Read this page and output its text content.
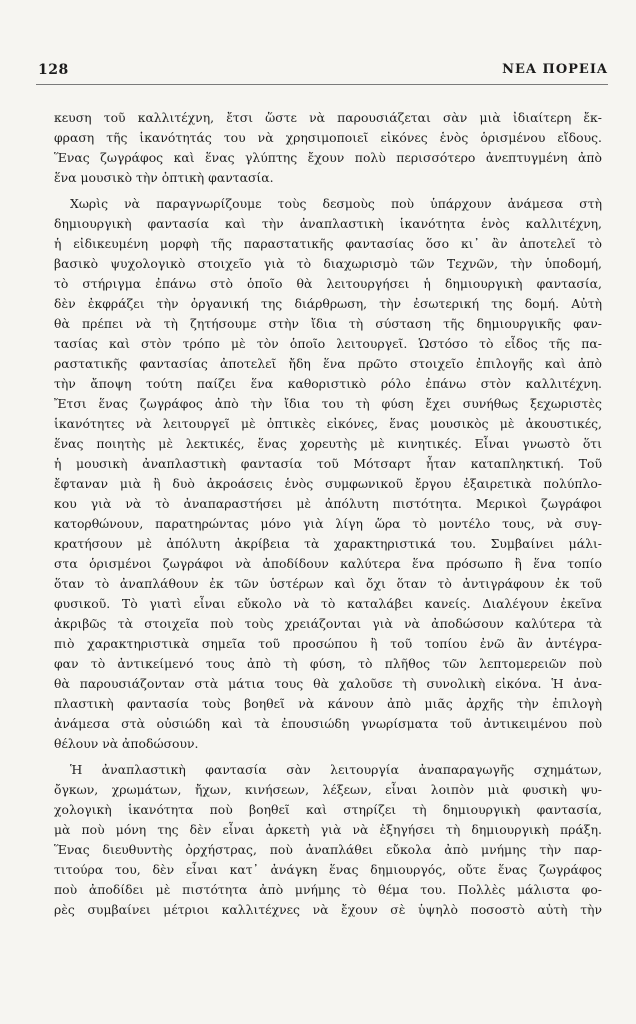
128	ΝΕΑ ΠΟΡΕΙΑ
κευση τοῦ καλλιτέχνη, ἔτσι ὥστε νὰ παρουσιάζεται σὰν μιὰ ἰδιαίτερη ἔκ-
φραση τῆς ἱκανότητάς του νὰ χρησιμοποιεῖ εἰκόνες ἑνὸς ὁρισμένου εἴδους.
Ἕνας ζωγράφος καὶ ἕνας γλύπτης ἔχουν πολὺ περισσότερο ἀνεπτυγμένη ἀπὸ
ἕνα μουσικὸ τὴν ὀπτικὴ φαντασία.
Χωρὶς νὰ παραγνωρίζουμε τοὺς δεσμοὺς ποὺ ὑπάρχουν ἀνάμεσα στὴ
δημιουργικὴ φαντασία καὶ τὴν ἀναπλαστικὴ ἱκανότητα ἑνὸς καλλιτέχνη,
ἡ εἰδικευμένη μορφὴ τῆς παραστατικῆς φαντασίας ὅσο κι᾿ ἂν ἀποτελεῖ τὸ
βασικὸ ψυχολογικὸ στοιχεῖο γιὰ τὸ διαχωρισμὸ τῶν Τεχνῶν, τὴν ὑποδομή,
τὸ στήριγμα ἐπάνω στὸ ὁποῖο θὰ λειτουργήσει ἡ δημιουργικὴ φαντασία,
δὲν ἐκφράζει τὴν ὀργανική της διάρθρωση, τὴν ἐσωτερική της δομή. Αὐτὴ
θὰ πρέπει νὰ τὴ ζητήσουμε στὴν ἴδια τὴ σύσταση τῆς δημιουργικῆς φαν-
τασίας καὶ στὸν τρόπο μὲ τὸν ὁποῖο λειτουργεῖ. Ὡστόσο τὸ εἶδος τῆς πα-
ραστατικῆς φαντασίας ἀποτελεῖ ἤδη ἕνα πρῶτο στοιχεῖο ἐπιλογῆς καὶ ἀπὸ
τὴν ἄποψη τούτη παίζει ἕνα καθοριστικὸ ρόλο ἐπάνω στὸν καλλιτέχνη.
Ἔτσι ἕνας ζωγράφος ἀπὸ τὴν ἴδια του τὴ φύση ἔχει συνήθως ξεχωριστὲς
ἱκανότητες νὰ λειτουργεῖ μὲ ὀπτικὲς εἰκόνες, ἕνας μουσικὸς μὲ ἀκουστικές,
ἕνας ποιητὴς μὲ λεκτικές, ἕνας χορευτὴς μὲ κινητικές. Εἶναι γνωστὸ ὅτι
ἡ μουσικὴ ἀναπλαστικὴ φαντασία τοῦ Μότσαρτ ἦταν καταπληκτική. Τοῦ
ἔφταναν μιὰ ἢ δυὸ ἀκροάσεις ἑνὸς συμφωνικοῦ ἔργου ἐξαιρετικὰ πολύπλο-
κου γιὰ νὰ τὸ ἀναπαραστήσει μὲ ἀπόλυτη πιστότητα. Μερικοὶ ζωγράφοι
κατορθώνουν, παρατηρώντας μόνο γιὰ λίγη ὥρα τὸ μοντέλο τους, νὰ συγ-
κρατήσουν μὲ ἀπόλυτη ἀκρίβεια τὰ χαρακτηριστικά του. Συμβαίνει μάλι-
στα ὁρισμένοι ζωγράφοι νὰ ἀποδίδουν καλύτερα ἕνα πρόσωπο ἢ ἕνα τοπίο
ὅταν τὸ ἀναπλάθουν ἐκ τῶν ὑστέρων καὶ ὄχι ὅταν τὸ ἀντιγράφουν ἐκ τοῦ
φυσικοῦ. Τὸ γιατὶ εἶναι εὔκολο νὰ τὸ καταλάβει κανείς. Διαλέγουν ἐκεῖνα
ἀκριβῶς τὰ στοιχεῖα ποὺ τοὺς χρειάζονται γιὰ νὰ ἀποδώσουν καλύτερα τὰ
πιὸ χαρακτηριστικὰ σημεῖα τοῦ προσώπου ἢ τοῦ τοπίου ἐνῶ ἂν ἀντέγρα-
φαν τὸ ἀντικείμενό τους ἀπὸ τὴ φύση, τὸ πλῆθος τῶν λεπτομερειῶν ποὺ
θὰ παρουσιάζονταν στὰ μάτια τους θὰ χαλοῦσε τὴ συνολικὴ εἰκόνα. Ἡ ἀνα-
πλαστικὴ φαντασία τοὺς βοηθεῖ νὰ κάνουν ἀπὸ μιᾶς ἀρχῆς τὴν ἐπιλογὴ
ἀνάμεσα στὰ οὐσιώδη καὶ τὰ ἐπουσιώδη γνωρίσματα τοῦ ἀντικειμένου ποὺ
θέλουν νὰ ἀποδώσουν.
Ἡ ἀναπλαστικὴ φαντασία σὰν λειτουργία ἀναπαραγωγῆς σχημάτων,
ὄγκων, χρωμάτων, ἤχων, κινήσεων, λέξεων, εἶναι λοιπὸν μιὰ φυσικὴ ψυ-
χολογικὴ ἱκανότητα ποὺ βοηθεῖ καὶ στηρίζει τὴ δημιουργικὴ φαντασία,
μὰ ποὺ μόνη της δὲν εἶναι ἀρκετὴ γιὰ νὰ ἐξηγήσει τὴ δημιουργικὴ πράξη.
Ἕνας διευθυντὴς ὀρχήστρας, ποὺ ἀναπλάθει εὔκολα ἀπὸ μνήμης τὴν παρ-
τιτούρα του, δὲν εἶναι κατ᾿ ἀνάγκη ἕνας δημιουργός, οὔτε ἕνας ζωγράφος
ποὺ ἀποδίδει μὲ πιστότητα ἀπὸ μνήμης τὸ θέμα του. Πολλὲς μάλιστα φο-
ρὲς συμβαίνει μέτριοι καλλιτέχνες νὰ ἔχουν σὲ ὑψηλὸ ποσοστὸ αὐτὴ τὴν
